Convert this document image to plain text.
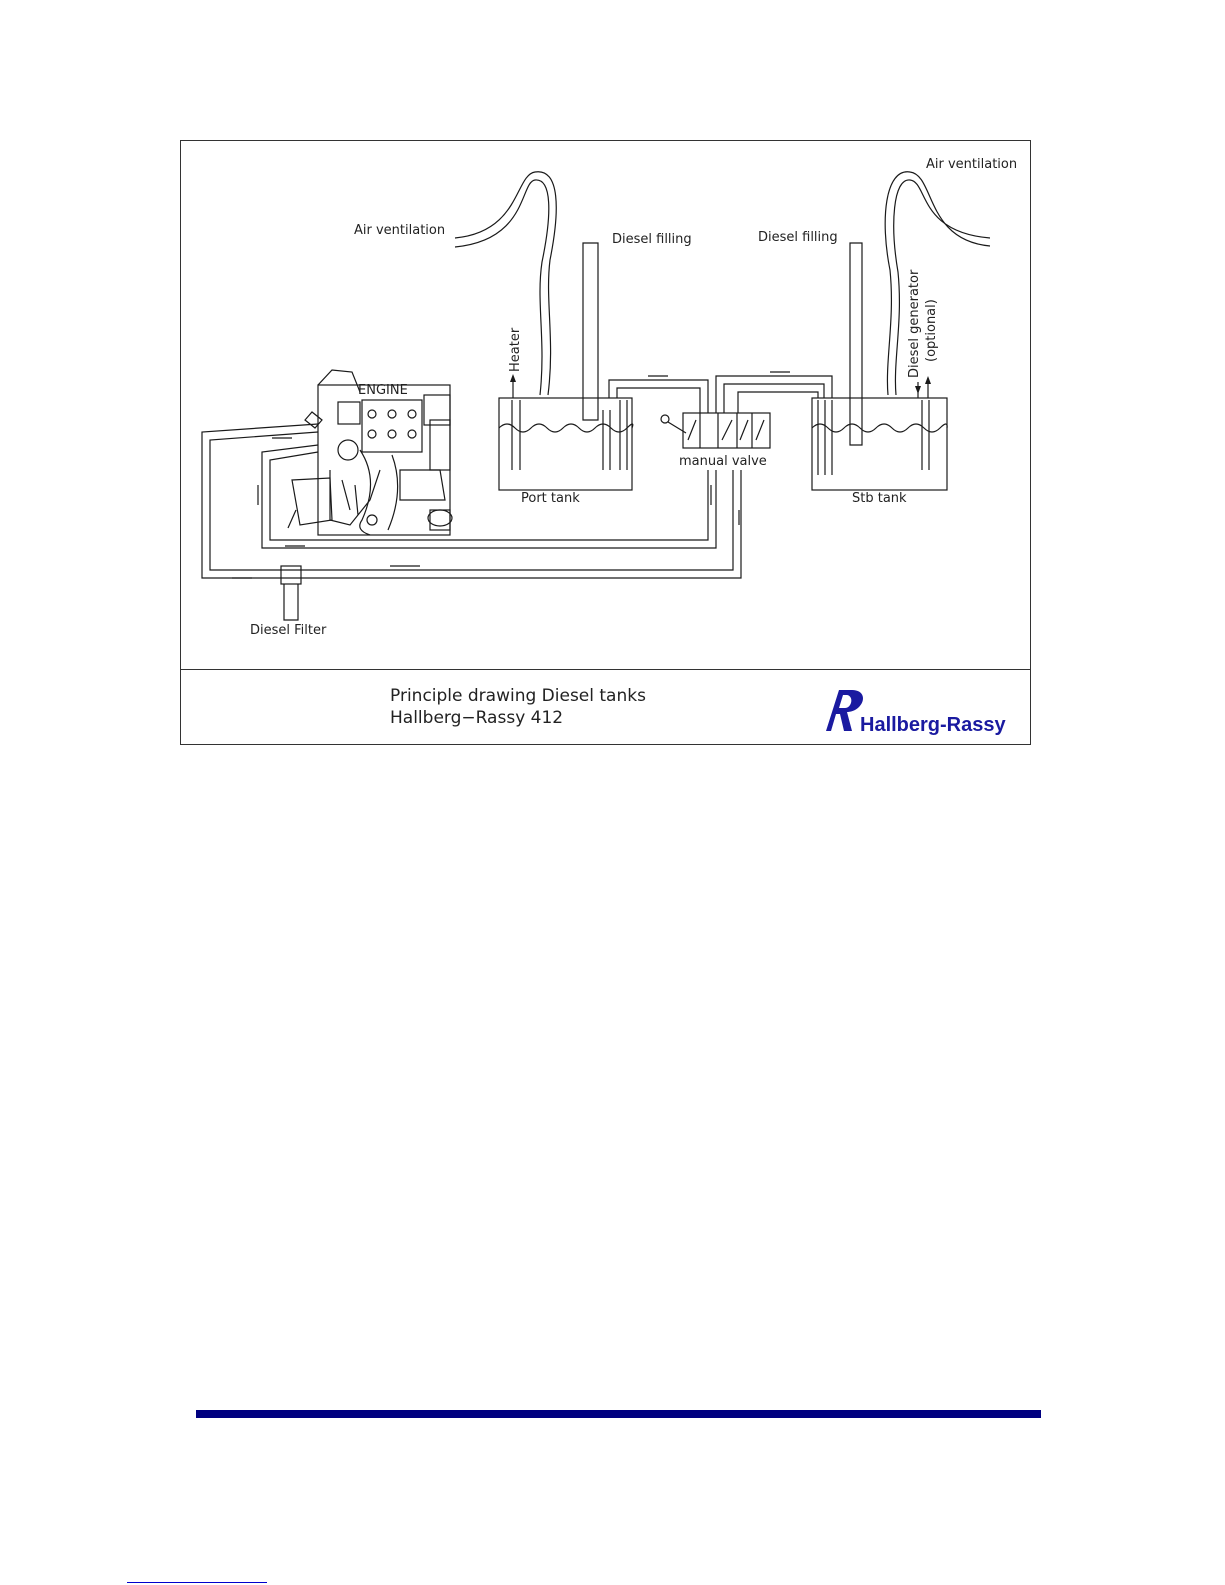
Air ventilation
Air ventilation
Diesel filling	Diesel filling
Heater	Diesel generator (optional)
ENGINE
manual valve
Port tank	Stb tank
Diesel Filter
Principle drawing Diesel tanks
Hallberg−Rassy 412	Hallberg-Rassy
